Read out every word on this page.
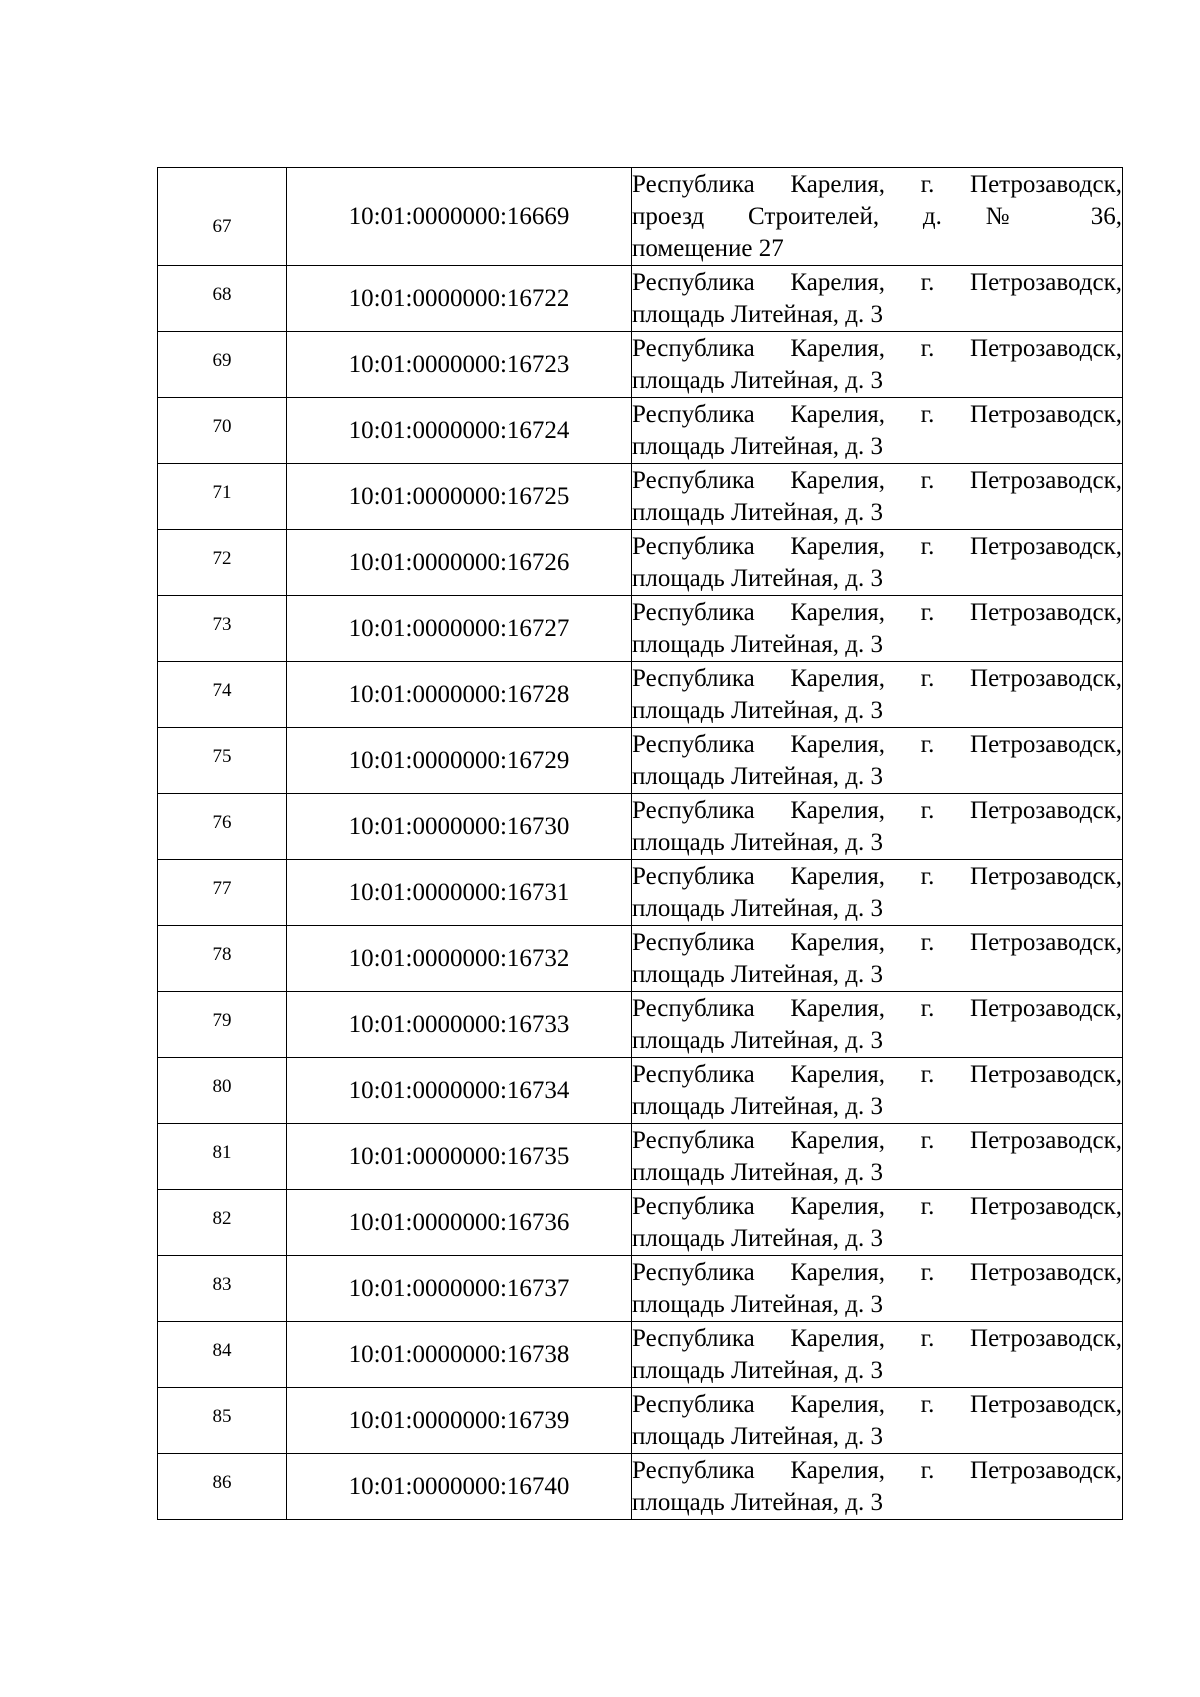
67	10:01:0000000:16669	Республика Карелия, г. Петрозаводск,
проезд Строителей, д. № 36,
помещение 27

68	10:01:0000000:16722	Республика Карелия, г. Петрозаводск,
площадь Литейная, д. 3

69	10:01:0000000:16723	Республика Карелия, г. Петрозаводск,
площадь Литейная, д. 3

70	10:01:0000000:16724	Республика Карелия, г. Петрозаводск,
площадь Литейная, д. 3

71	10:01:0000000:16725	Республика Карелия, г. Петрозаводск,
площадь Литейная, д. 3

72	10:01:0000000:16726	Республика Карелия, г. Петрозаводск,
площадь Литейная, д. 3

73	10:01:0000000:16727	Республика Карелия, г. Петрозаводск,
площадь Литейная, д. 3

74	10:01:0000000:16728	Республика Карелия, г. Петрозаводск,
площадь Литейная, д. 3

75	10:01:0000000:16729	Республика Карелия, г. Петрозаводск,
площадь Литейная, д. 3

76	10:01:0000000:16730	Республика Карелия, г. Петрозаводск,
площадь Литейная, д. 3

77	10:01:0000000:16731	Республика Карелия, г. Петрозаводск,
площадь Литейная, д. 3

78	10:01:0000000:16732	Республика Карелия, г. Петрозаводск,
площадь Литейная, д. 3

79	10:01:0000000:16733	Республика Карелия, г. Петрозаводск,
площадь Литейная, д. 3

80	10:01:0000000:16734	Республика Карелия, г. Петрозаводск,
площадь Литейная, д. 3

81	10:01:0000000:16735	Республика Карелия, г. Петрозаводск,
площадь Литейная, д. 3

82	10:01:0000000:16736	Республика Карелия, г. Петрозаводск,
площадь Литейная, д. 3

83	10:01:0000000:16737	Республика Карелия, г. Петрозаводск,
площадь Литейная, д. 3

84	10:01:0000000:16738	Республика Карелия, г. Петрозаводск,
площадь Литейная, д. 3

85	10:01:0000000:16739	Республика Карелия, г. Петрозаводск,
площадь Литейная, д. 3

86	10:01:0000000:16740	Республика Карелия, г. Петрозаводск,
площадь Литейная, д. 3
